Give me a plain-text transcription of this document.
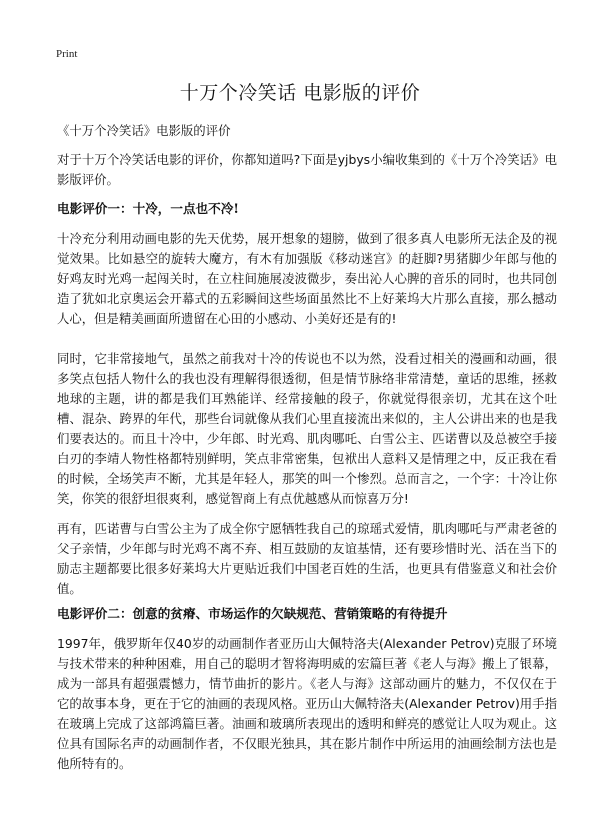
Print
十万个冷笑话 电影版的评价

《十万个冷笑话》电影版的评价

对于十万个冷笑话电影的评价，你都知道吗?下面是yjbys小编收集到的《十万个冷笑话》电影版评价。

电影评价一：十冷，一点也不冷!

十冷充分利用动画电影的先天优势，展开想象的翅膀，做到了很多真人电影所无法企及的视觉效果。比如悬空的旋转大魔方，有木有加强版《移动迷宫》的赶脚?男猪脚少年郎与他的好鸡友时光鸡一起闯关时，在立柱间施展凌波微步，奏出沁人心脾的音乐的同时，也共同创造了犹如北京奥运会开幕式的五彩瞬间这些场面虽然比不上好莱坞大片那么直接，那么撼动人心，但是精美画面所遗留在心田的小感动、小美好还是有的!

同时，它非常接地气，虽然之前我对十冷的传说也不以为然，没看过相关的漫画和动画，很多笑点包括人物什么的我也没有理解得很透彻，但是情节脉络非常清楚，童话的思维，拯救地球的主题，讲的都是我们耳熟能详、经常接触的段子，你就觉得很亲切，尤其在这个吐槽、混杂、跨界的年代，那些台词就像从我们心里直接流出来似的，主人公讲出来的也是我们要表达的。而且十冷中，少年郎、时光鸡、肌肉哪吒、白雪公主、匹诺曹以及总被空手接白刃的李靖人物性格都特别鲜明，笑点非常密集，包袱出人意料又是情理之中，反正我在看的时候，全场笑声不断，尤其是年轻人，那笑的叫一个惨烈。总而言之，一个字：十冷让你笑，你笑的很舒坦很爽利，感觉智商上有点优越感从而惊喜万分!

再有，匹诺曹与白雪公主为了成全你宁愿牺牲我自己的琼瑶式爱情，肌肉哪吒与严肃老爸的父子亲情，少年郎与时光鸡不离不弃、相互鼓励的友谊基情，还有要珍惜时光、活在当下的励志主题都要比很多好莱坞大片更贴近我们中国老百姓的生活，也更具有借鉴意义和社会价值。

电影评价二：创意的贫瘠、市场运作的欠缺规范、营销策略的有待提升

1997年，俄罗斯年仅40岁的动画制作者亚历山大佩特洛夫(Alexander Petrov)克服了环境与技术带来的种种困难，用自己的聪明才智将海明威的宏篇巨著《老人与海》搬上了银幕，成为一部具有超强震憾力，情节曲折的影片。《老人与海》这部动画片的魅力，不仅仅在于它的故事本身，更在于它的油画的表现风格。亚历山大佩特洛夫(Alexander Petrov)用手指在玻璃上完成了这部鸿篇巨著。油画和玻璃所表现出的透明和鲜亮的感觉让人叹为观止。这位具有国际名声的动画制作者，不仅眼光独具，其在影片制作中所运用的油画绘制方法也是他所特有的。
